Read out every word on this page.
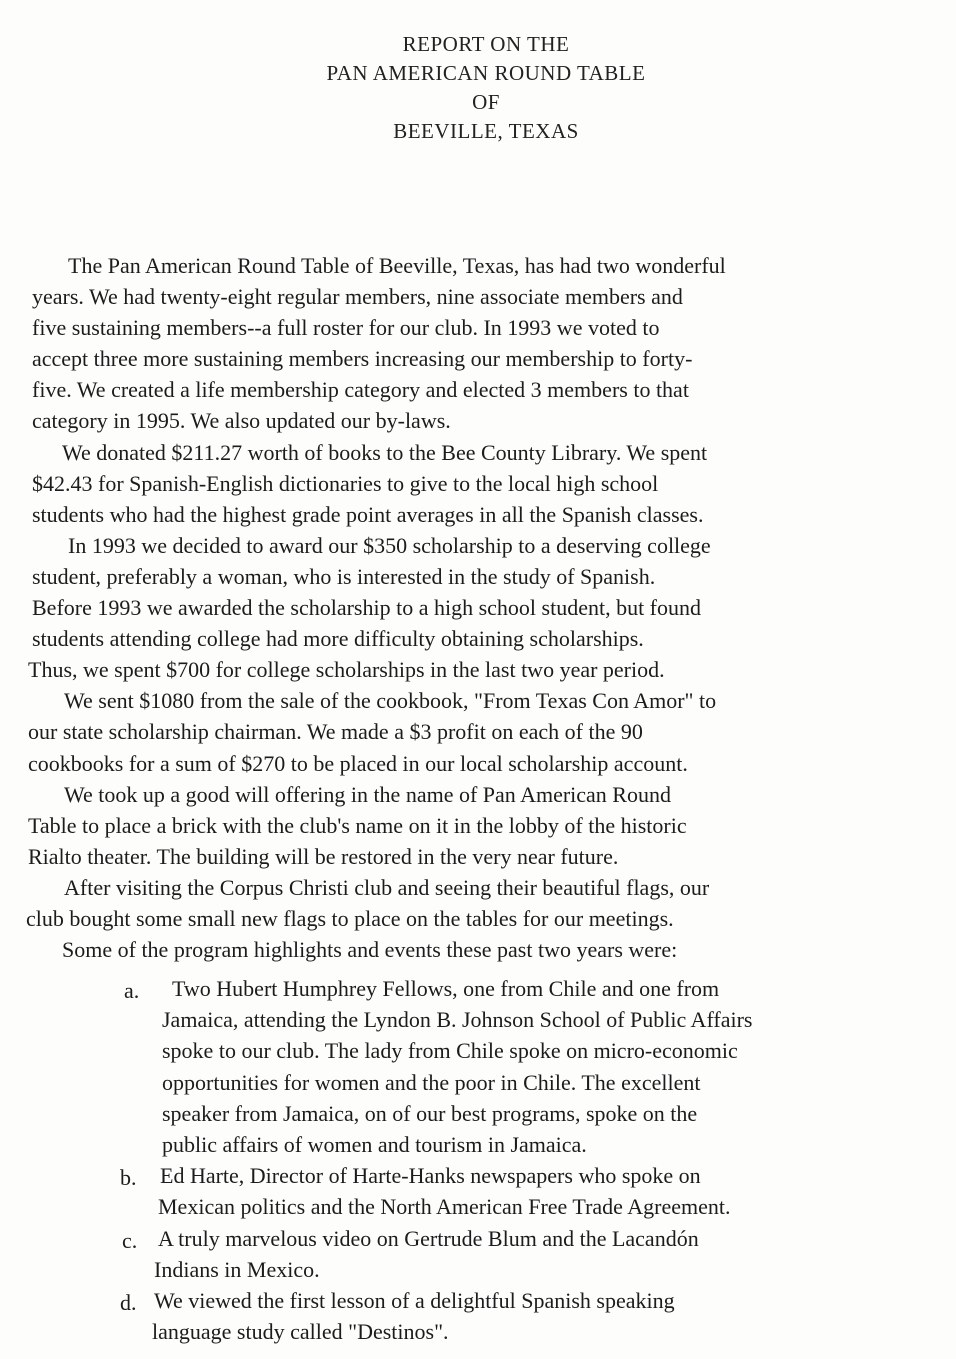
REPORT ON THE
PAN AMERICAN ROUND TABLE
OF
BEEVILLE, TEXAS
The Pan American Round Table of Beeville, Texas, has had two wonderful
years. We had twenty-eight regular members, nine associate members and
five sustaining members--a full roster for our club. In 1993 we voted to
accept three more sustaining members increasing our membership to forty-
five. We created a life membership category and elected 3 members to that
category in 1995. We also updated our by-laws.
We donated $211.27 worth of books to the Bee County Library. We spent
$42.43 for Spanish-English dictionaries to give to the local high school
students who had the highest grade point averages in all the Spanish classes.
In 1993 we decided to award our $350 scholarship to a deserving college
student, preferably a woman, who is interested in the study of Spanish.
Before 1993 we awarded the scholarship to a high school student, but found
students attending college had more difficulty obtaining scholarships.
Thus, we spent $700 for college scholarships in the last two year period.
We sent $1080 from the sale of the cookbook, "From Texas Con Amor" to
our state scholarship chairman. We made a $3 profit on each of the 90
cookbooks for a sum of $270 to be placed in our local scholarship account.
We took up a good will offering in the name of Pan American Round
Table to place a brick with the club's name on it in the lobby of the historic
Rialto theater. The building will be restored in the very near future.
After visiting the Corpus Christi club and seeing their beautiful flags, our
club bought some small new flags to place on the tables for our meetings.
Some of the program highlights and events these past two years were:
a.	Two Hubert Humphrey Fellows, one from Chile and one from
Jamaica, attending the Lyndon B. Johnson School of Public Affairs
spoke to our club. The lady from Chile spoke on micro-economic
opportunities for women and the poor in Chile. The excellent
speaker from Jamaica, on of our best programs, spoke on the
public affairs of women and tourism in Jamaica.
b.	Ed Harte, Director of Harte-Hanks newspapers who spoke on
Mexican politics and the North American Free Trade Agreement.
c. A truly marvelous video on Gertrude Blum and the Lacandón
Indians in Mexico.
d. We viewed the first lesson of a delightful Spanish speaking
language study called "Destinos".
